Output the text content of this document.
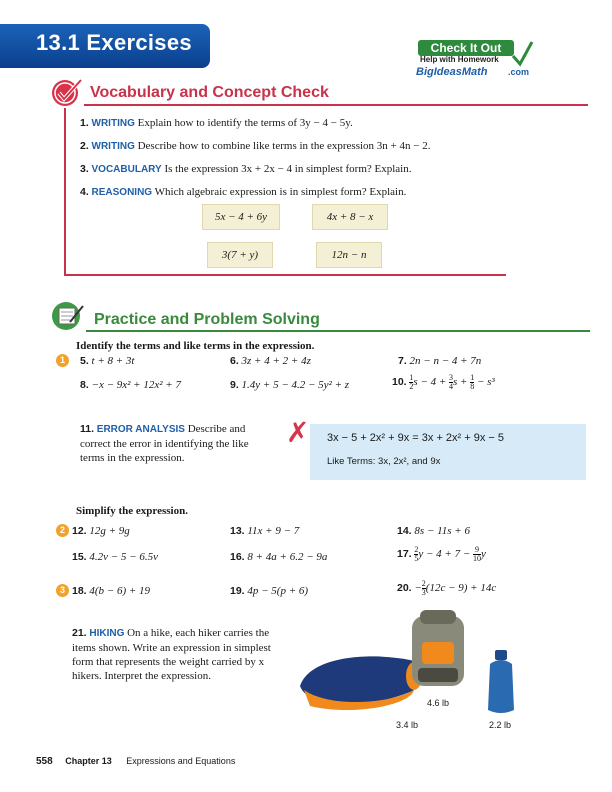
13.1 Exercises	Check It Out
Help with Homework
BigIdeasMath .com
Vocabulary and Concept Check
1. WRITING Explain how to identify the terms of 3y − 4 − 5y.
2. WRITING Describe how to combine like terms in the expression 3n + 4n − 2.
3. VOCABULARY Is the expression 3x + 2x − 4 in simplest form? Explain.
4. REASONING Which algebraic expression is in simplest form? Explain.
5x − 4 + 6y	4x + 8 − x
3(7 + y)	12n − n
Practice and Problem Solving
Identify the terms and like terms in the expression.
1	5. t + 8 + 3t	6. 3z + 4 + 2 + 4z	7. 2n − n − 4 + 7n
8. −x − 9x² + 12x² + 7	9. 1.4y + 5 − 4.2 − 5y² + z	10. $\frac{1}{2}$ $s - 4 + \frac{3}{4}$ $s + \frac{1}{8} - s^3$
11. ERROR ANALYSIS Describe and correct the error in identifying the like terms in the expression.
✗ 3x − 5 + 2x² + 9x = 3x + 2x² + 9x − 5
Like Terms: 3x, 2x², and 9x
Simplify the expression.
2 12. 12g + 9g	13. 11x + 9 − 7	14. 8s − 11s + 6
15. 4.2v − 5 − 6.5v	16. 8 + 4a + 6.2 − 9a	17. $\frac{2}{5}$ $y - 4 + 7 - \frac{9}{10}$ y
3 18. 4(b − 6) + 19	19. 4p − 5(p + 6)	20. − $\frac{2}{3} (12c - 9) + 14c$
21. HIKING On a hike, each hiker carries the items shown. Write an expression in simplest form that represents the weight carried by x hikers. Interpret the expression.
3.4 lb
4.6 lb
2.2 lb
558 Chapter 13 Expressions and Equations
